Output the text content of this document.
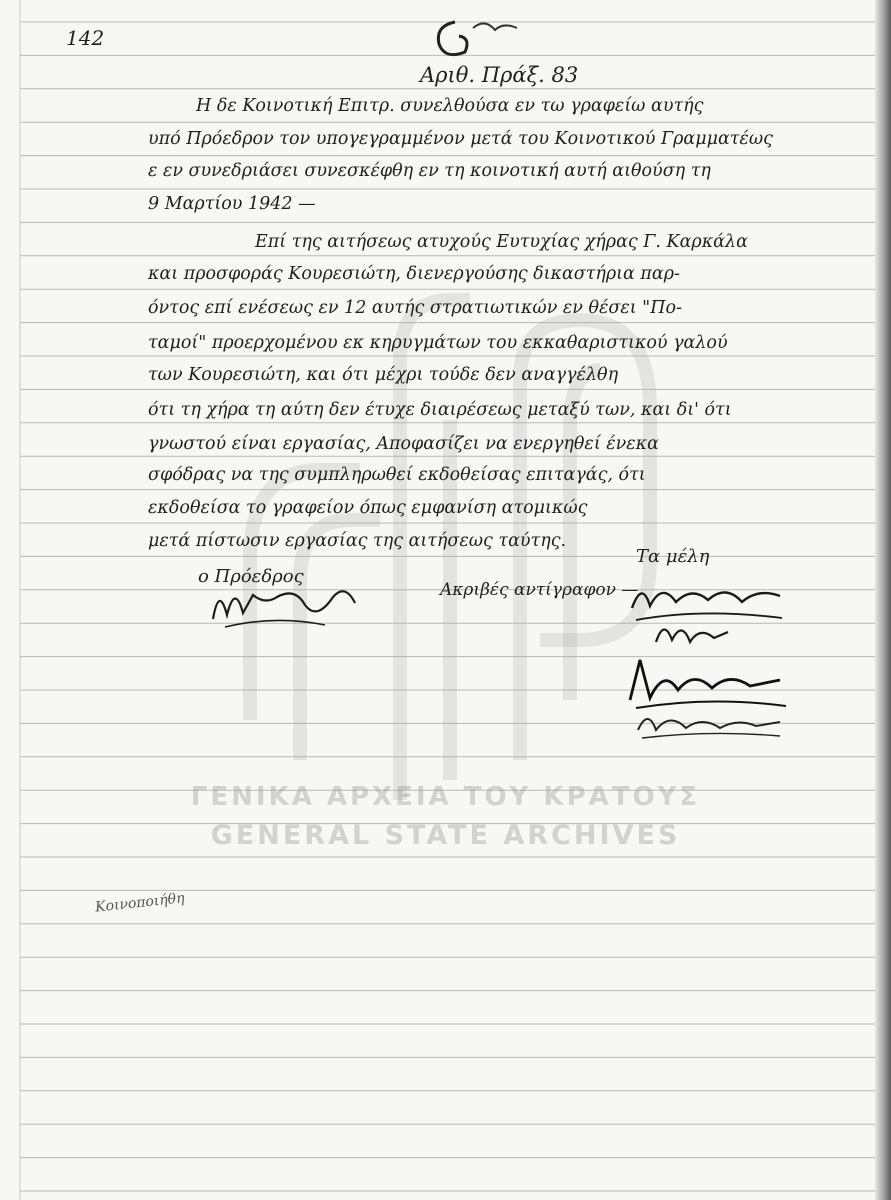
ΓΕΝΙΚΑ ΑΡΧΕΙΑ ΤΟΥ ΚΡΑΤΟΥΣ
GENERAL STATE ARCHIVES
142
Αριθ. Πράξ. 83
Η δε Κοινοτική Επιτρ. συνελθούσα εν τω γραφείω αυτής
υπό Πρόεδρον τον υπογεγραμμένον μετά του Κοινοτικού Γραμματέως
ε εν συνεδριάσει συνεσκέφθη εν τη κοινοτική αυτή αιθούση τη
9 Μαρτίου 1942 —
Επί της αιτήσεως ατυχούς Ευτυχίας χήρας Γ. Καρκάλα
και προσφοράς Κουρεσιώτη, διενεργούσης δικαστήρια παρ-
όντος επί ενέσεως εν 12 αυτής στρατιωτικών εν θέσει "Πο-
ταμοί" προερχομένου εκ κηρυγμάτων του εκκαθαριστικού γαλού
των Κουρεσιώτη, και ότι μέχρι τούδε δεν αναγγέλθη
ότι τη χήρα τη αύτη δεν έτυχε διαιρέσεως μεταξύ των, και δι' ότι
γνωστού είναι εργασίας, Αποφασίζει να ενεργηθεί ένεκα
σφόδρας να της συμπληρωθεί εκδοθείσας επιταγάς, ότι
εκδοθείσα το γραφείον όπως εμφανίση ατομικώς
μετά πίστωσιν εργασίας της αιτήσεως ταύτης.
ο Πρόεδρος
Τα μέλη
Ακριβές αντίγραφον —
Κοινοποιήθη
